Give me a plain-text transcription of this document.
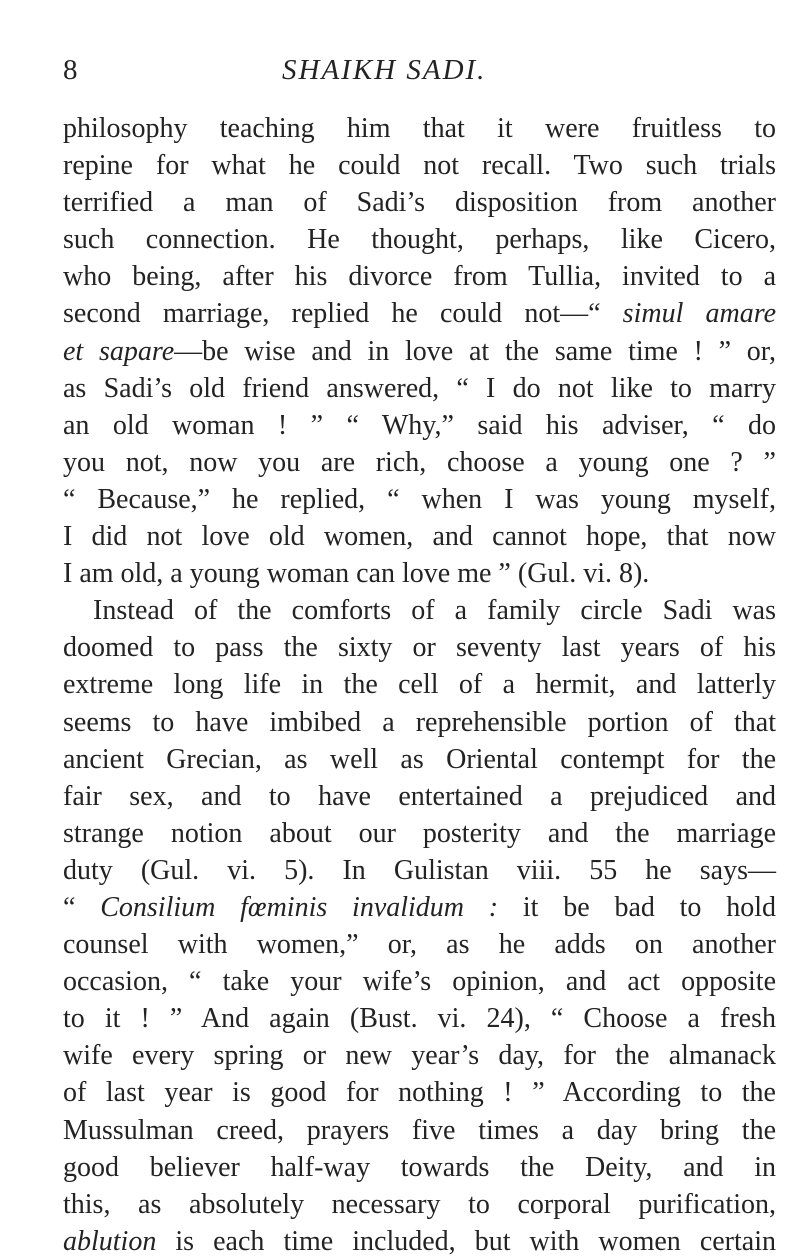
8	SHAIKH SADI.
philosophy teaching him that it were fruitless to
repine for what he could not recall. Two such trials
terrified a man of Sadi’s disposition from another
such connection. He thought, perhaps, like Cicero,
who being, after his divorce from Tullia, invited to a
second marriage, replied he could not—“ simul amare
et sapare—be wise and in love at the same time ! ” or,
as Sadi’s old friend answered, “ I do not like to marry
an old woman ! ” “ Why,” said his adviser, “ do
you not, now you are rich, choose a young one ? ”
“ Because,” he replied, “ when I was young myself,
I did not love old women, and cannot hope, that now
I am old, a young woman can love me ” (Gul. vi. 8).
Instead of the comforts of a family circle Sadi was
doomed to pass the sixty or seventy last years of his
extreme long life in the cell of a hermit, and latterly
seems to have imbibed a reprehensible portion of that
ancient Grecian, as well as Oriental contempt for the
fair sex, and to have entertained a prejudiced and
strange notion about our posterity and the marriage
duty (Gul. vi. 5). In Gulistan viii. 55 he says—
“ Consilium fœminis invalidum : it be bad to hold
counsel with women,” or, as he adds on another
occasion, “ take your wife’s opinion, and act opposite
to it ! ” And again (Bust. vi. 24), “ Choose a fresh
wife every spring or new year’s day, for the almanack
of last year is good for nothing ! ” According to the
Mussulman creed, prayers five times a day bring the
good believer half-way towards the Deity, and in
this, as absolutely necessary to corporal purification,
ablution is each time included, but with women certain
